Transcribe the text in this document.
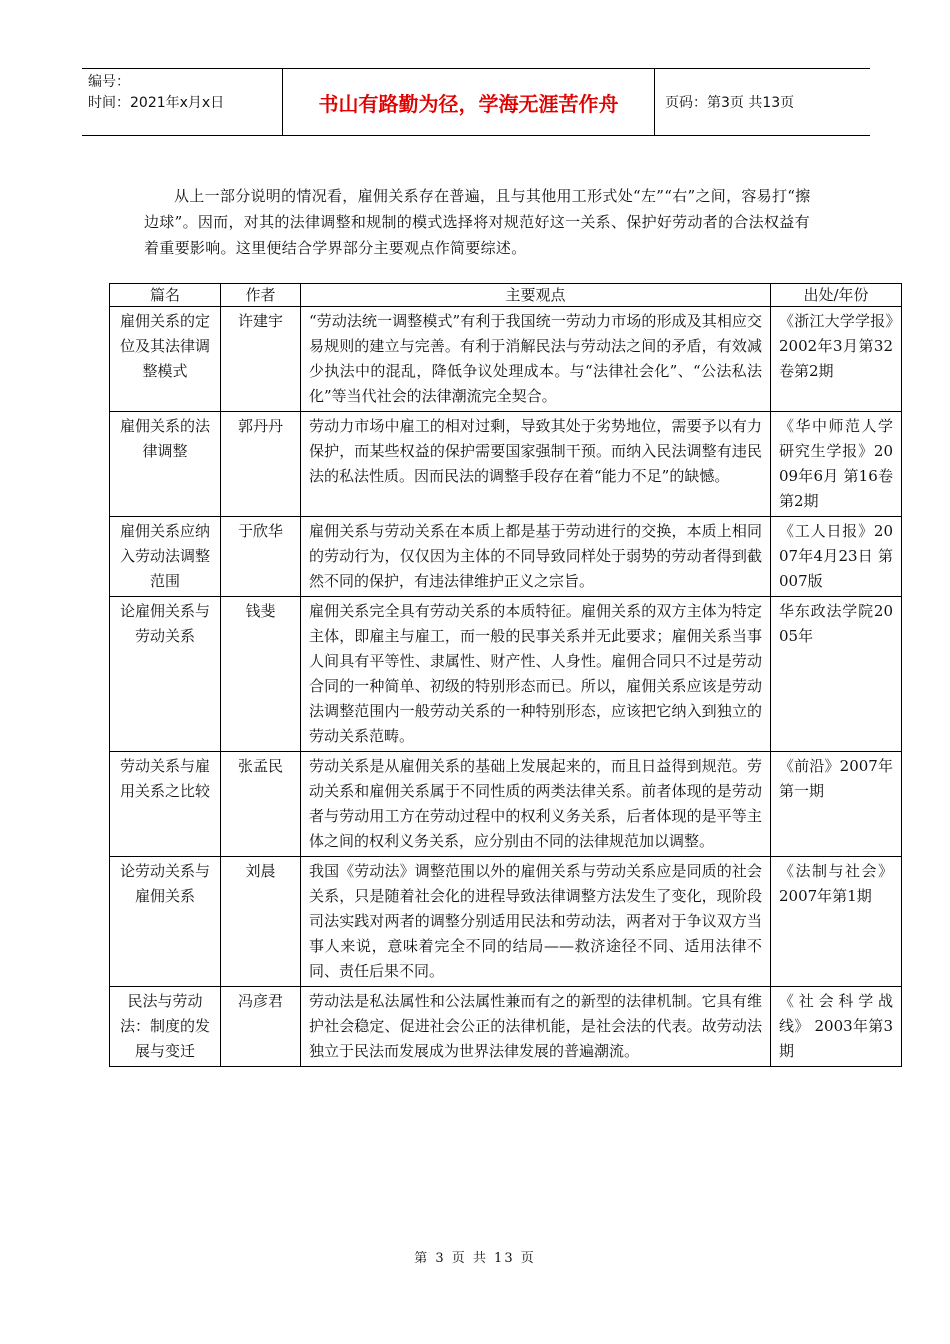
编号：
时间：2021年x月x日	书山有路勤为径，学海无涯苦作舟	页码：第3页 共13页

从上一部分说明的情况看，雇佣关系存在普遍，且与其他用工形式处“左”“右”之间，容易打“擦边球”。因而，对其的法律调整和规制的模式选择将对规范好这一关系、保护好劳动者的合法权益有着重要影响。这里便结合学界部分主要观点作简要综述。

篇名	作者	主要观点	出处/年份
雇佣关系的定位及其法律调整模式	许建宇	“劳动法统一调整模式”有利于我国统一劳动力市场的形成及其相应交易规则的建立与完善。有利于消解民法与劳动法之间的矛盾，有效减少执法中的混乱，降低争议处理成本。与“法律社会化”、“公法私法化”等当代社会的法律潮流完全契合。	《浙江大学学报》2002年3月第32卷第2期
雇佣关系的法律调整	郭丹丹	劳动力市场中雇工的相对过剩，导致其处于劣势地位，需要予以有力保护，而某些权益的保护需要国家强制干预。而纳入民法调整有违民法的私法性质。因而民法的调整手段存在着“能力不足”的缺憾。	《华中师范人学研究生学报》2009年6月 第16卷第2期
雇佣关系应纳入劳动法调整范围	于欣华	雇佣关系与劳动关系在本质上都是基于劳动进行的交换，本质上相同的劳动行为，仅仅因为主体的不同导致同样处于弱势的劳动者得到截然不同的保护，有违法律维护正义之宗旨。	《工人日报》2007年4月23日 第007版
论雇佣关系与劳动关系	钱斐	雇佣关系完全具有劳动关系的本质特征。雇佣关系的双方主体为特定主体，即雇主与雇工，而一般的民事关系并无此要求；雇佣关系当事人间具有平等性、隶属性、财产性、人身性。雇佣合同只不过是劳动合同的一种简单、初级的特别形态而已。所以，雇佣关系应该是劳动法调整范围内一般劳动关系的一种特别形态，应该把它纳入到独立的劳动关系范畴。	华东政法学院2005年
劳动关系与雇用关系之比较	张孟民	劳动关系是从雇佣关系的基础上发展起来的，而且日益得到规范。劳动关系和雇佣关系属于不同性质的两类法律关系。前者体现的是劳动者与劳动用工方在劳动过程中的权利义务关系，后者体现的是平等主体之间的权利义务关系，应分别由不同的法律规范加以调整。	《前沿》2007年第一期
论劳动关系与雇佣关系	刘晨	我国《劳动法》调整范围以外的雇佣关系与劳动关系应是同质的社会关系，只是随着社会化的进程导致法律调整方法发生了变化，现阶段司法实践对两者的调整分别适用民法和劳动法，两者对于争议双方当事人来说，意味着完全不同的结局——救济途径不同、适用法律不同、责任后果不同。	《法制与社会》2007年第1期
民法与劳动法：制度的发展与变迁	冯彦君	劳动法是私法属性和公法属性兼而有之的新型的法律机制。它具有维护社会稳定、促进社会公正的法律机能，是社会法的代表。故劳动法独立于民法而发展成为世界法律发展的普遍潮流。	《社会科学战线》 2003年第3期
第 3 页 共 13 页
